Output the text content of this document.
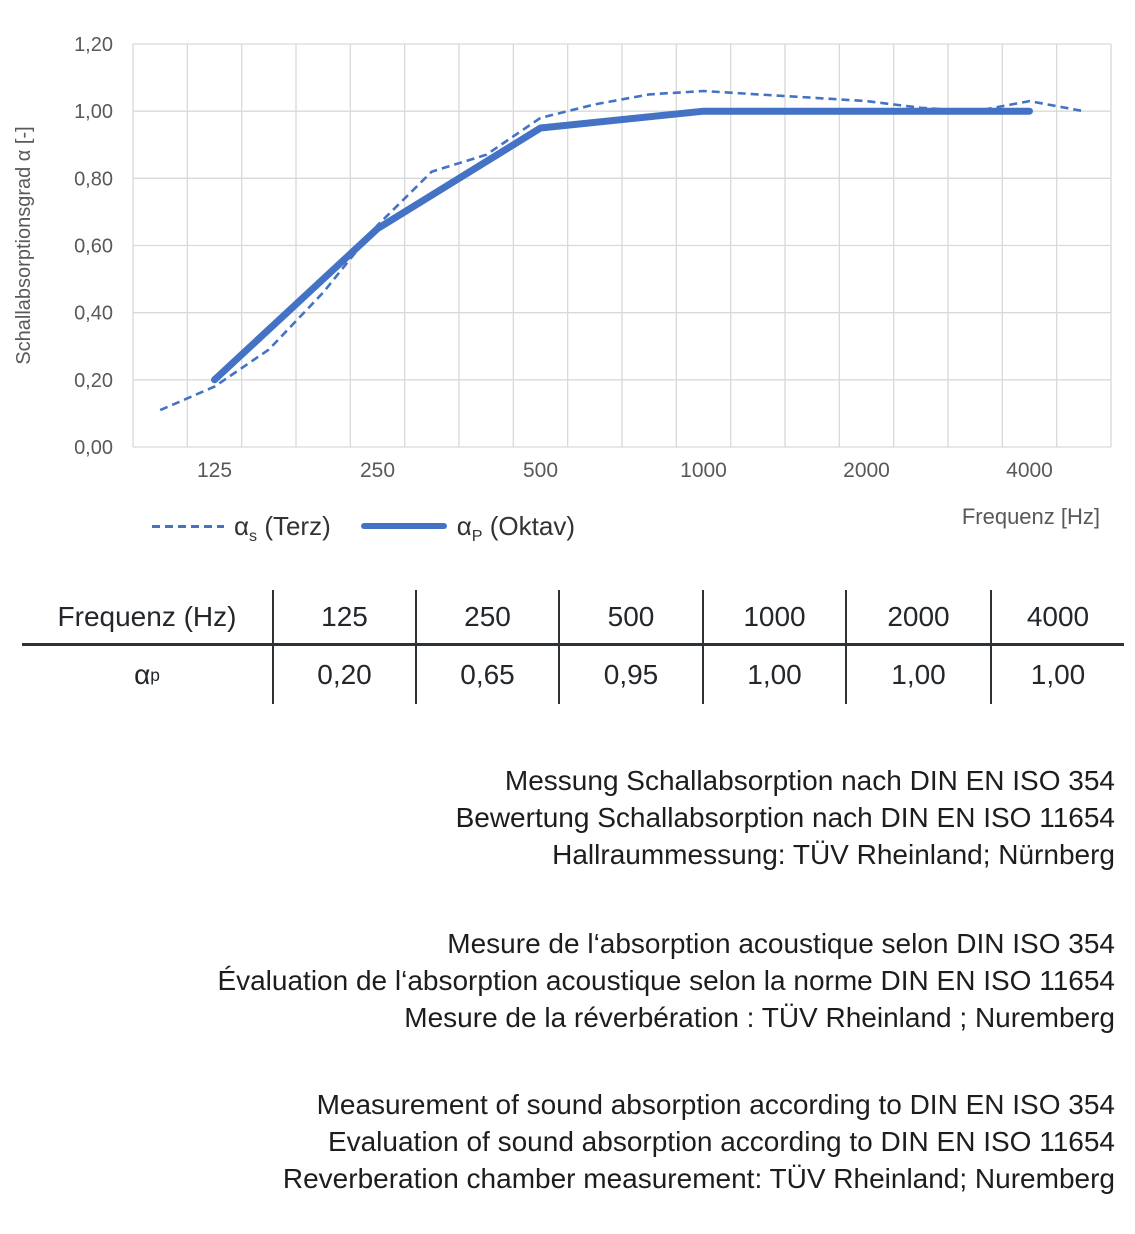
1,20
1,00
0,80
0,60
0,40
0,20
0,00
125	250	500	1000	2000	4000
Schallabsorptionsgrad α [-]
$\alpha_s$ (Terz)	$\alpha_P$ (Oktav)	Frequenz [Hz]
Frequenz (Hz)	125	250	500	1000	2000	4000
α p	0,20	0,65	0,95	1,00	1,00	1,00

Messung Schallabsorption nach DIN EN ISO 354

Bewertung Schallabsorption nach DIN EN ISO 11654

Hallraummessung: TÜV Rheinland; Nürnberg

Mesure de l‘absorption acoustique selon DIN ISO 354

Évaluation de l‘absorption acoustique selon la norme DIN EN ISO 11654

Mesure de la réverbération : TÜV Rheinland ; Nuremberg

Measurement of sound absorption according to DIN EN ISO 354

Evaluation of sound absorption according to DIN EN ISO 11654

Reverberation chamber measurement: TÜV Rheinland; Nuremberg
